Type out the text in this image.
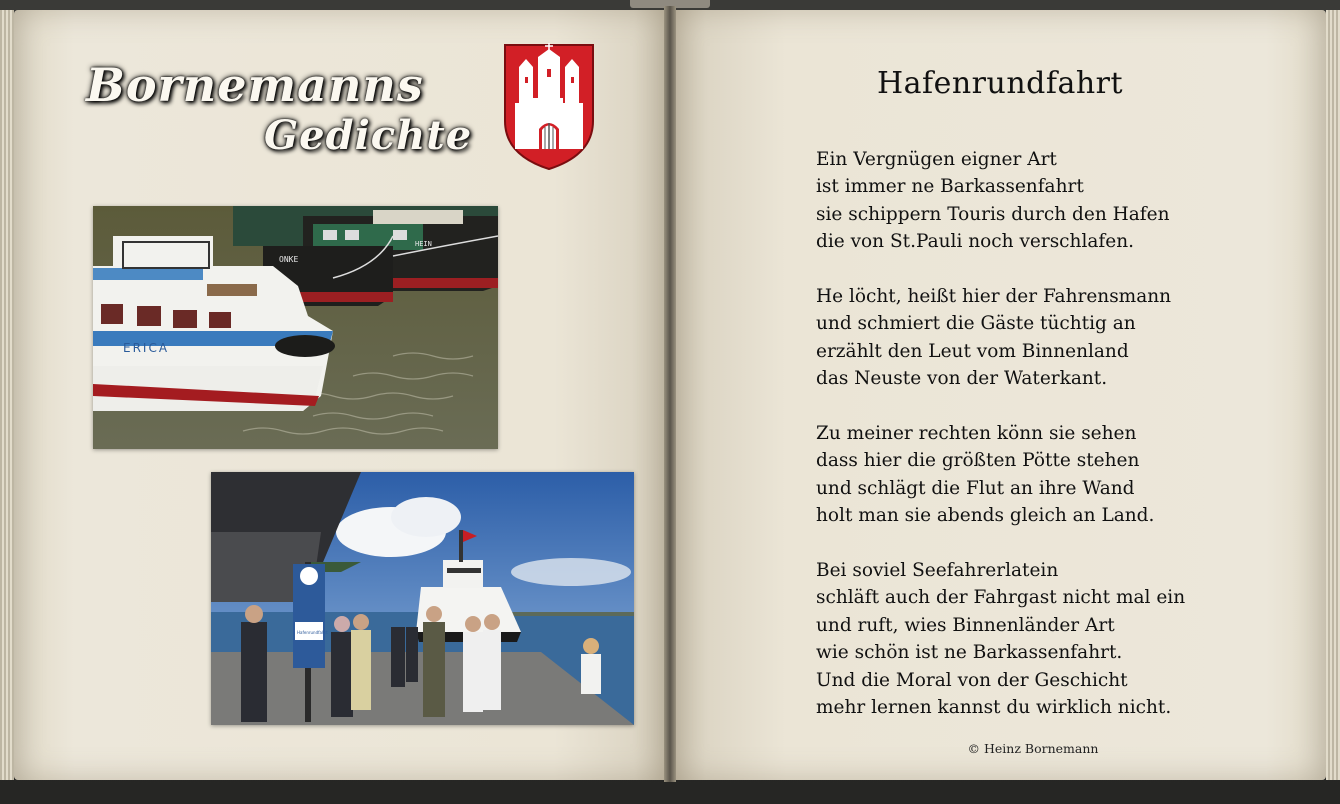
Bornemanns
Gedichte
ONKE
HEIN
ERICA
Hafenrundfahrt
Hafenrundfahrt
Ein Vergnügen eigner Art
ist immer ne Barkassenfahrt
sie schippern Touris durch den Hafen
die von St.Pauli noch verschlafen.
He löcht, heißt hier der Fahrensmann
und schmiert die Gäste tüchtig an
erzählt den Leut vom Binnenland
das Neuste von der Waterkant.
Zu meiner rechten könn sie sehen
dass hier die größten Pötte stehen
und schlägt die Flut an ihre Wand
holt man sie abends gleich an Land.
Bei soviel Seefahrerlatein
schläft auch der Fahrgast nicht mal ein
und ruft, wies Binnenländer Art
wie schön ist ne Barkassenfahrt.
Und die Moral von der Geschicht
mehr lernen kannst du wirklich nicht.
© Heinz Bornemann
